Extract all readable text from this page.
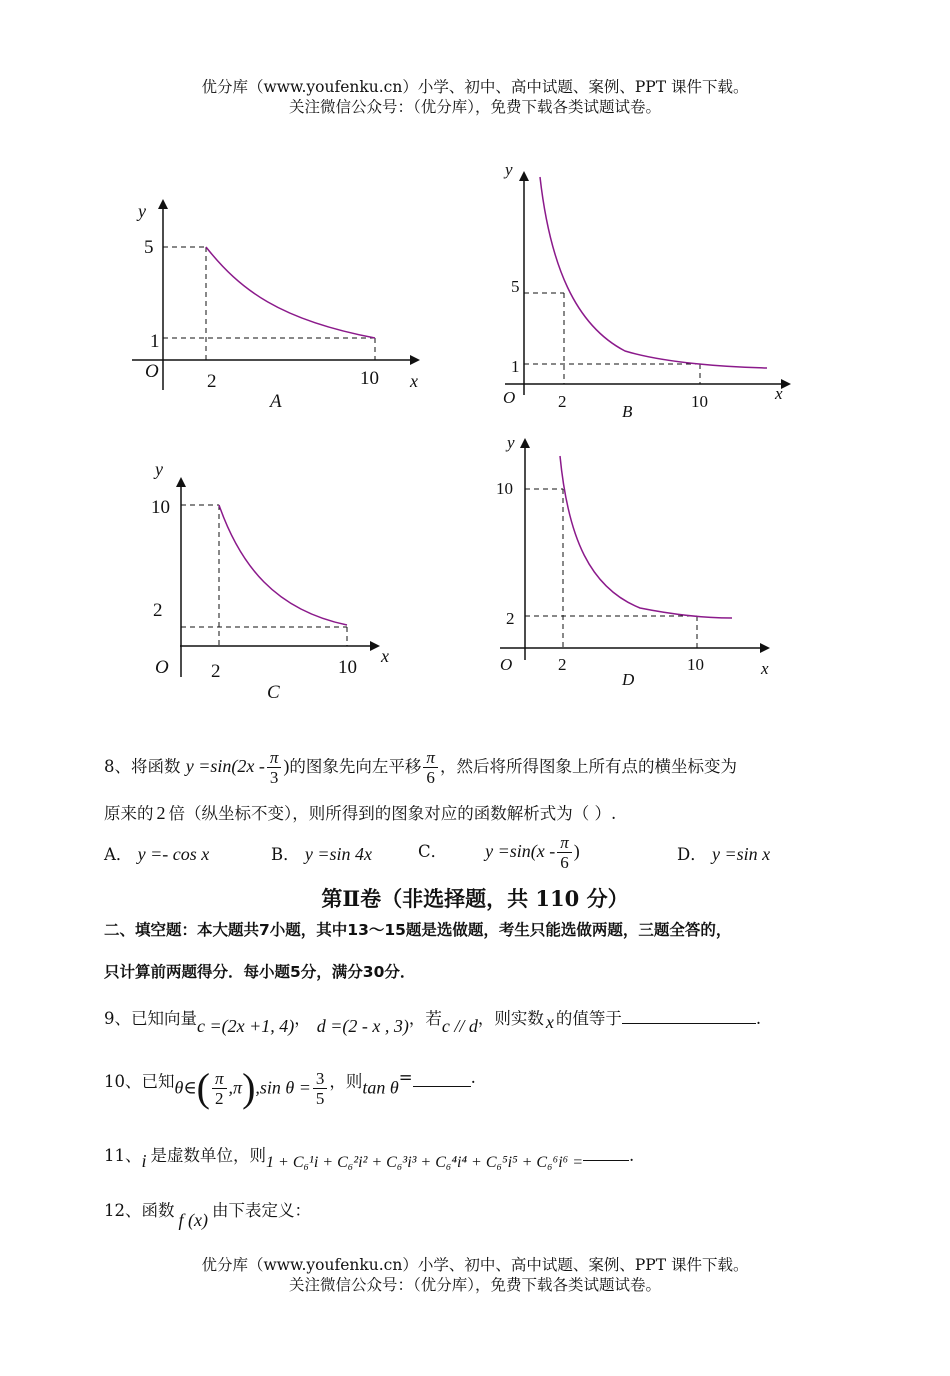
优分库（www.youfenku.cn）小学、初中、高中试题、案例、PPT 课件下载。
关注微信公众号：（优分库），免费下载各类试题试卷。
y
5
1
O	2	10 x
A
y
5
1
O	2	10	x
B
y
10
2
O 2	10
x
C
y
10
2
O	2	10	x
D
8、将函数 $y =\sin(2x - \frac{\pi}{3}$ )的图象先向左平移 $\frac{\pi}{6}$ ，然后将所得图象上所有点的横坐标变为
原来的 2 倍（纵坐标不变），则所得到的图象对应的函数解析式为（ ）.
A． y =- cos x	B． y =sin 4x	C． $y =\sin(x - \frac{\pi}{6}$ )	D． y =sin x
第Ⅱ卷（非选择题，共 110 分）
二、填空题：本大题共7小题，其中13～15题是选做题，考生只能选做两题，三题全答的，
只计算前两题得分．每小题5分，满分30分．
9、已知向量c =(2x +1, 4)， d =(2 - x , 3)，若c // d，则实数 x 的值等于	.
10、已知θ∈( $\frac{\pi}{2} ,\pi),\sin$ $\theta = \frac{3}{5}$ ，则tan θ=	.
11、i 是虚数单位，则1 + C₆¹i + C₆²i² + C₆³i³ + C₆⁴i⁴ + C₆⁵i⁵ + C₆⁶i⁶ =	.
12、函数 f (x) 由下表定义：
优分库（www.youfenku.cn）小学、初中、高中试题、案例、PPT 课件下载。
关注微信公众号：（优分库），免费下载各类试题试卷。
